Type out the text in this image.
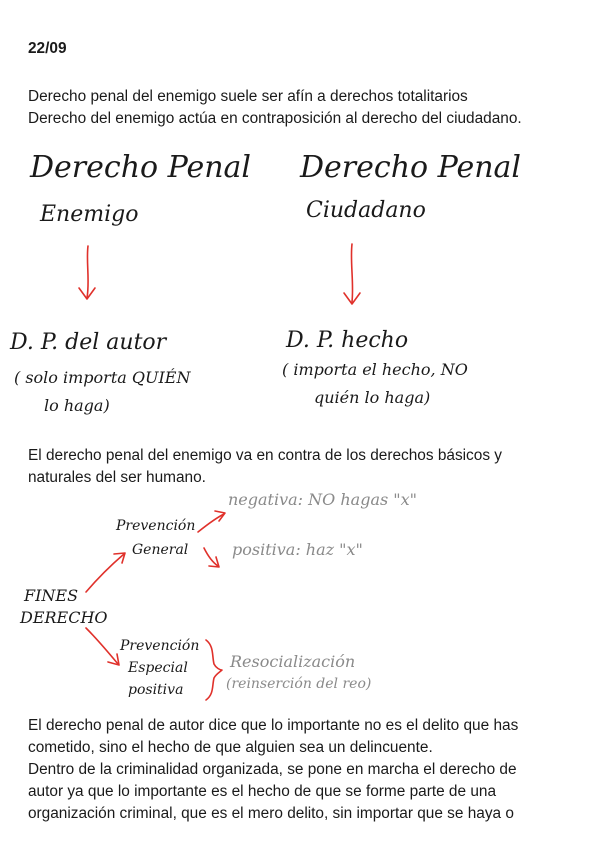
22/09
Derecho penal del enemigo suele ser afín a derechos totalitarios
Derecho del enemigo actúa en contraposición al derecho del ciudadano.
Derecho Penal
Enemigo
D. P. del autor
( solo importa QUIÉN
lo haga)
Derecho Penal
Ciudadano
D. P. hecho
( importa el hecho, NO
quién lo haga)
El derecho penal del enemigo va en contra de los derechos básicos y
naturales del ser humano.
FINES
DERECHO
Prevención
General
negativa: NO hagas "x"
positiva: haz "x"
Prevención
Especial
positiva
Resocialización
(reinserción del reo)
El derecho penal de autor dice que lo importante no es el delito que has
cometido, sino el hecho de que alguien sea un delincuente.
Dentro de la criminalidad organizada, se pone en marcha el derecho de
autor ya que lo importante es el hecho de que se forme parte de una
organización criminal, que es el mero delito, sin importar que se haya o
